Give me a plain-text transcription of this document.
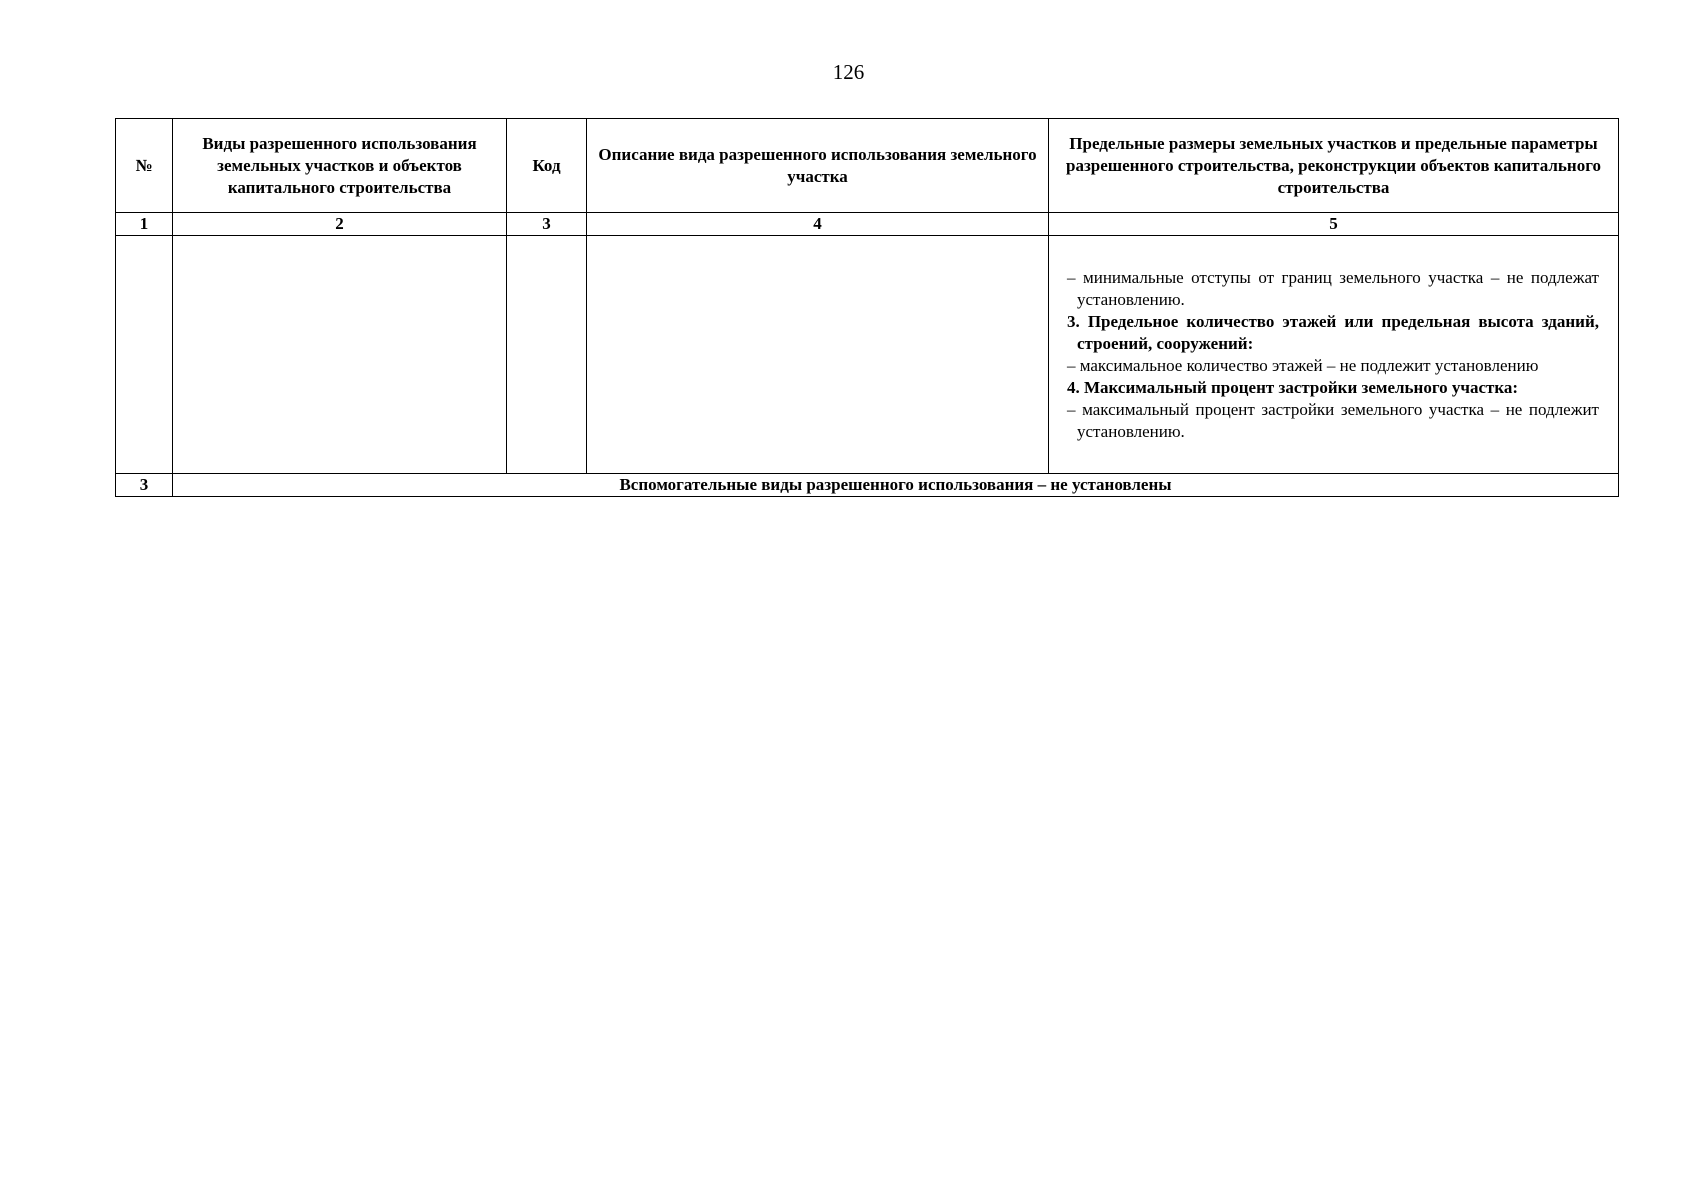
126
№	Виды разрешенного использования земельных участков и объектов капитального строительства	Код	Описание вида разрешенного использования земельного участка	Предельные размеры земельных участков и предельные параметры разрешенного строительства, реконструкции объектов капитального строительства
1	2	3	4	5

				– минимальные отступы от границ земельного участка – не подлежат установлению.
3. Предельное количество этажей или предельная высота зданий, строений, сооружений:
– максимальное количество этажей – не подлежит установлению
4. Максимальный процент застройки земельного участка:
– максимальный процент застройки земельного участка – не подлежит установлению.

3	Вспомогательные виды разрешенного использования – не установлены			
